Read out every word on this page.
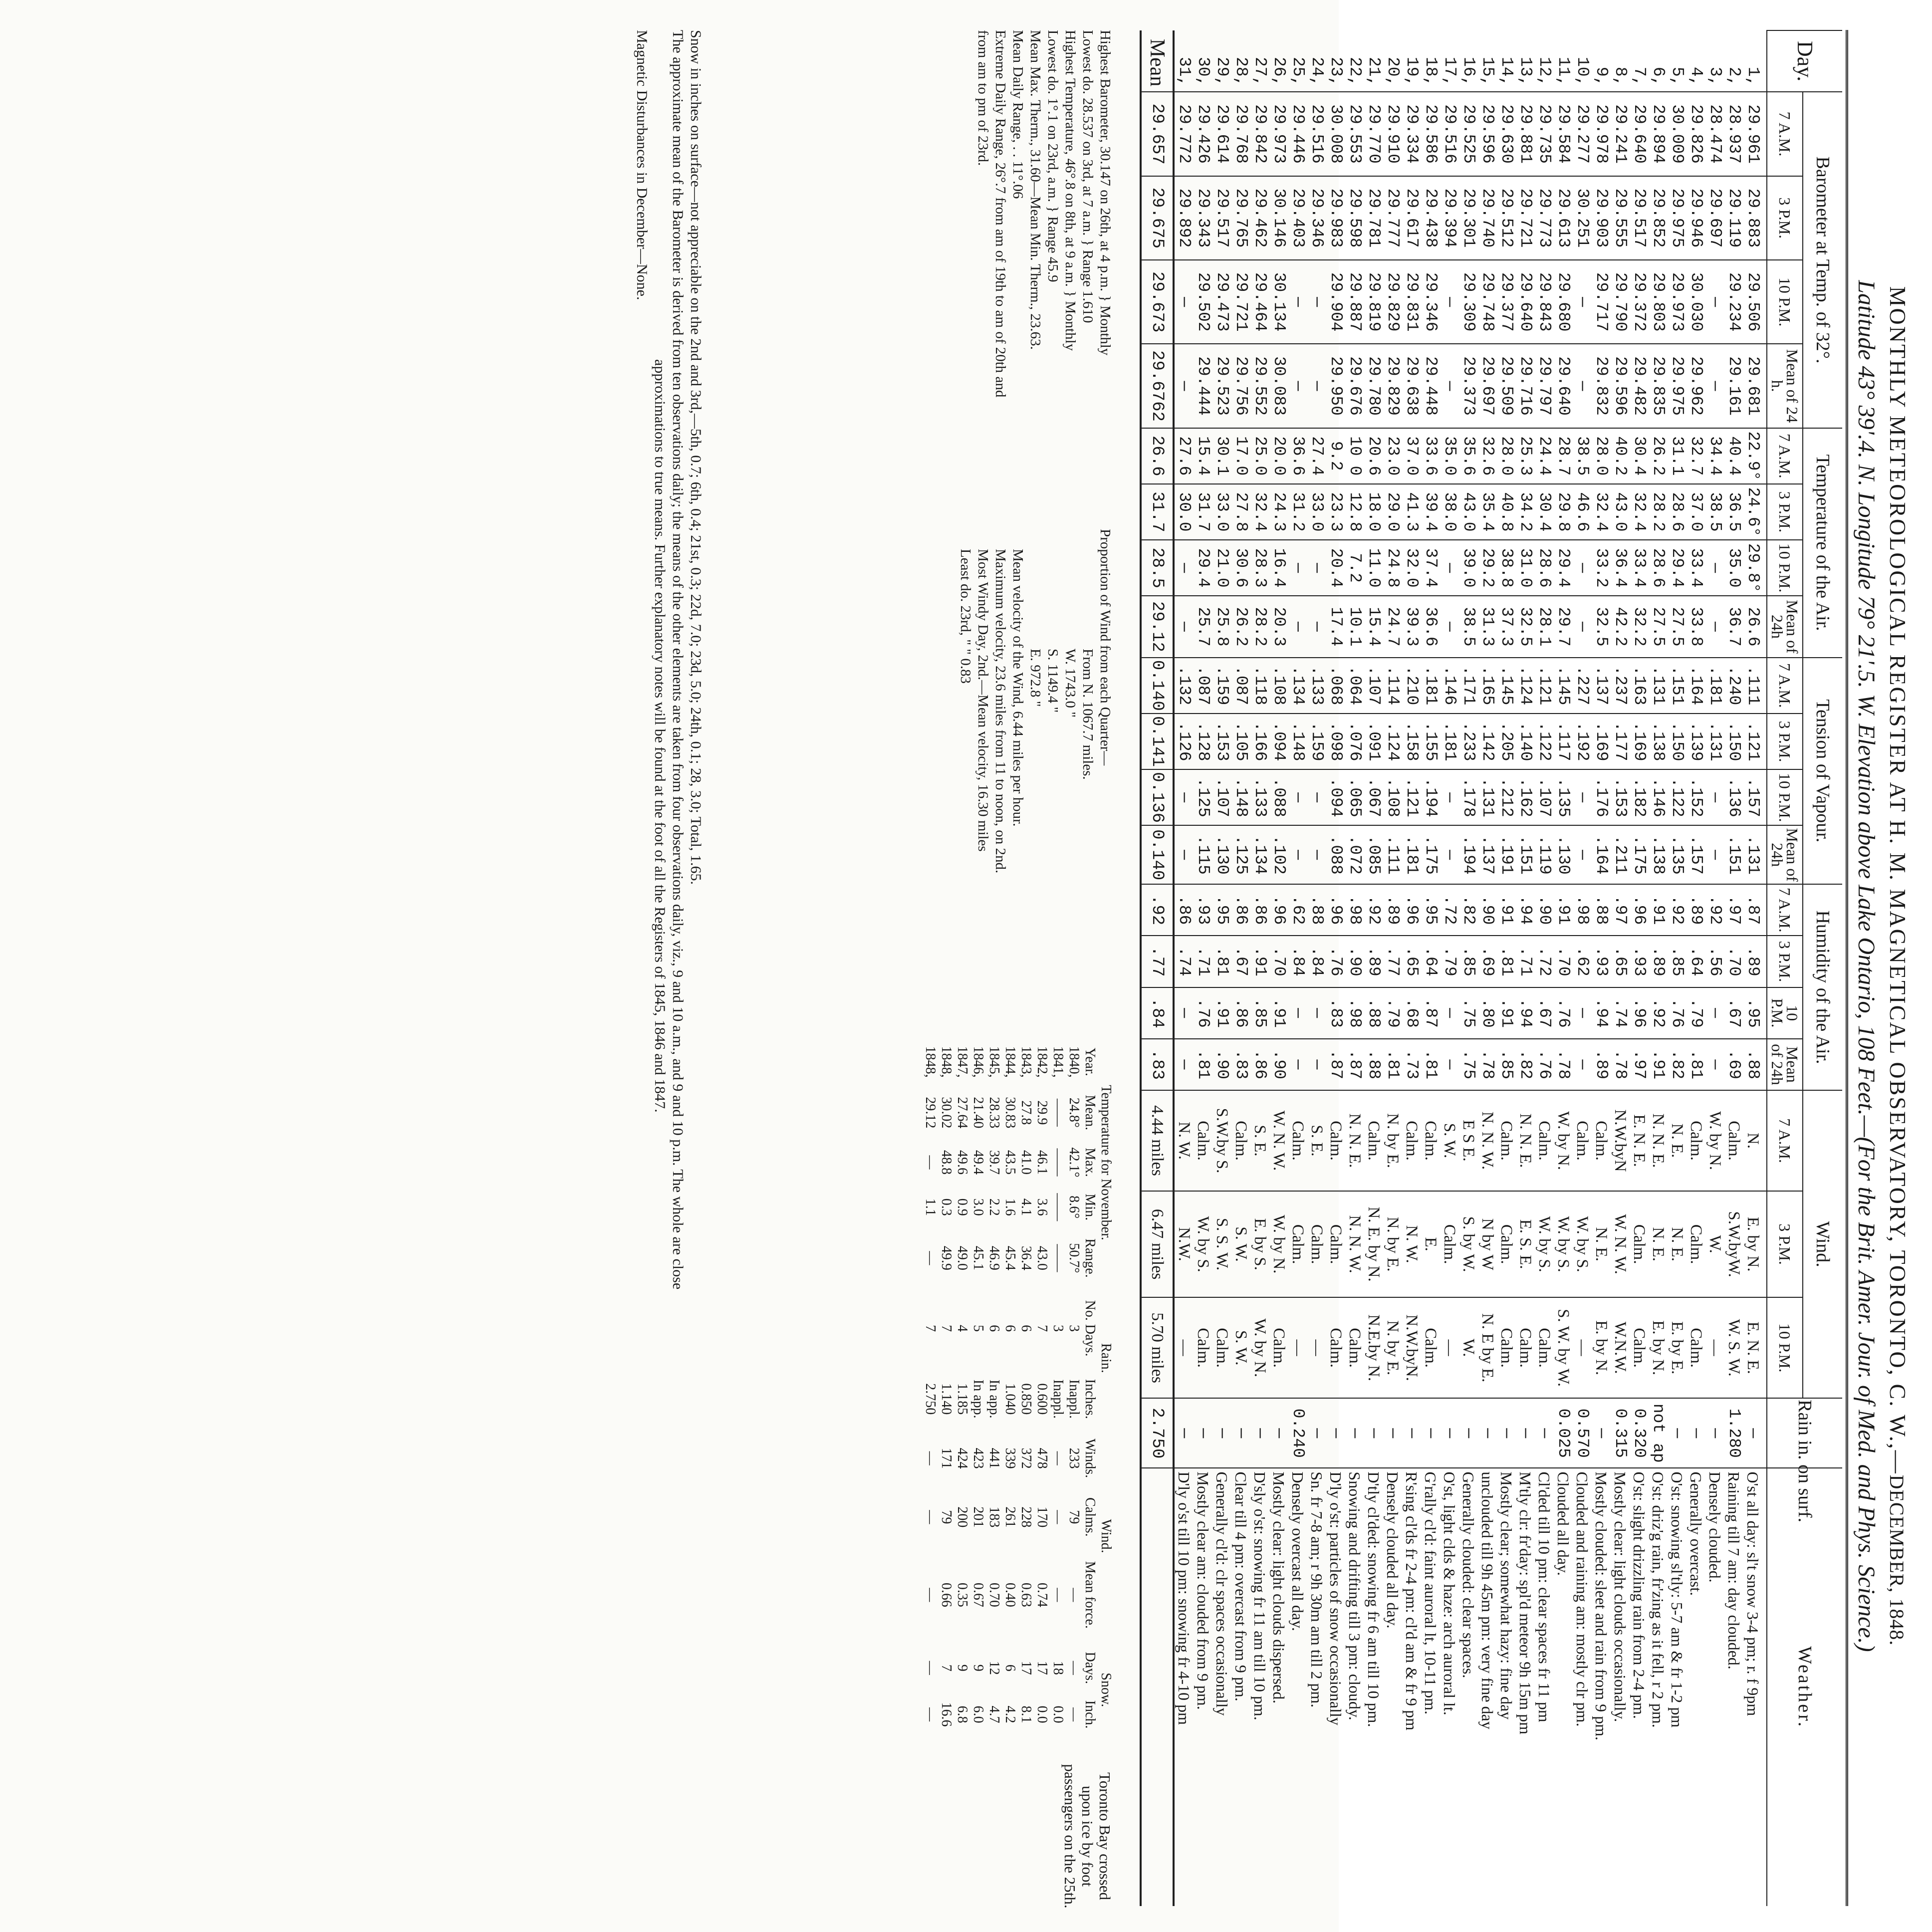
MONTHLY METEOROLOGICAL REGISTER AT H. M. MAGNETICAL OBSERVATORY, TORONTO, C. W.,—DECEMBER, 1848.
Latitude 43° 39'.4. N. Longitude 79° 21'.5. W. Elevation above Lake Ontario, 108 Feet.—(For the Brit. Amer. Jour. of Med. and Phys. Science.)
Day.	Barometer at Temp. of 32°.				Temperature of the Air.				Tension of Vapour.				Humidity of the Air.				Wind.			Rain in. on surf.	Weather.
	7 A.M.	3 P.M.	10 P.M.	Mean of 24 h.	7 A.M.	3 P.M.	10 P.M.	Mean of 24h	7 A.M.	3 P.M.	10 P.M.	Mean of 24h	7 A.M.	3 P.M.	10 P.M.	Mean of 24h	7 A.M.	3 P.M.	10 P.M.		
1,	29.961	29.883	29.506	29.681	22.9°	24.6°	29.8°	26.6	.111	.121	.157	.131	.87	.89	.95	.88	N.	E. by N.	E. N. E.	—	O'st all day: sl't snow 3-4 pm; r. f 9pm
2,	28.937	29.119	29.234	29.161	40.4	36.5	35.0	36.7	.240	.150	.136	.151	.97	.70	.67	.69	Calm.	S.W.byW.	W. S. W.	1.280	Raining till 7 am: day clouded.
3,	28.474	29.697	—	—	34.4	38.5	—	—	.181	.131	—	—	.92	.56	—	—	W. by N.	W.	—	—	Densely clouded.
4,	29.826	29.946	30.030	29.962	32.7	37.0	33.4	33.8	.164	.139	.152	.157	.89	.64	.79	.81	Calm.	Calm.	Calm.	—	Generally overcast.
5,	30.009	29.975	29.973	29.975	31.1	28.6	29.4	27.5	.151	.150	.122	.135	.92	.85	.76	.82	N. E.	N. E.	E. by E.	—	O'st: snowing sl'tly: 5-7 am & fr 1-2 pm
6,	29.894	29.852	29.803	29.835	26.2	28.2	28.6	27.5	.131	.138	.146	.138	.91	.89	.92	.91	N. N. E.	N. E.	E. by N.	not ap	O'st: driz'g rain, fr'zing as it fell, r 2 pm.
7,	29.640	29.517	29.372	29.482	30.4	32.4	33.4	32.2	.163	.169	.182	.175	.96	.93	.96	.97	E. N. E.	Calm.	Calm.	0.320	O'st: slight drizzling rain from 2-4 pm.
8,	29.241	29.555	29.790	29.596	40.2	43.0	36.4	42.2	.237	.177	.153	.211	.97	.65	.74	.78	N.W.byN	W. N. W.	W.N.W.	0.315	Mostly clear: light clouds occasionally.
9,	29.978	29.903	29.717	29.832	28.0	32.4	33.2	32.5	.137	.169	.176	.164	.88	.93	.94	.89	Calm.	N. E.	E. by N.	—	Mostly clouded: sleet and rain from 9 pm.
10,	29.277	30.251	—	—	38.5	46.6	—	—	.227	.192	—	—	.98	.62	—	—	Calm.	W. by S.	—	0.570	Clouded and raining am: mostly clr pm.
11,	29.584	29.613	29.680	29.640	28.7	29.8	29.4	29.7	.145	.117	.135	.130	.91	.70	.76	.78	W. by N.	W. by S.	S. W. by W.	0.025	Clouded all day.
12,	29.735	29.773	29.843	29.797	24.4	30.4	28.6	28.1	.121	.122	.107	.119	.90	.72	.67	.76	Calm.	W. by S.	Calm.	—	Cl'ded till 10 pm: clear spaces fr 11 pm
13,	29.881	29.721	29.640	29.716	25.3	34.2	31.0	32.5	.124	.140	.162	.151	.94	.71	.94	.82	N. N. E.	E. S. E.	Calm.	—	M'tly clr: fr'day: spl'd meteor 9h 15m pm
14,	29.630	29.512	29.377	29.509	28.0	40.8	38.8	37.3	.145	.205	.212	.191	.91	.81	.91	.85	Calm.	Calm.	Calm.	—	Mostly clear; somewhat hazy: fine day
15,	29.596	29.740	29.748	29.697	32.6	35.4	29.2	31.3	.165	.142	.131	.137	.90	.69	.80	.78	N. N. W.	N by W	N. E by E.	—	unclouded till 9h 45m pm: very fine day
16,	29.525	29.301	29.309	29.373	35.6	43.0	39.0	38.5	.171	.233	.178	.194	.82	.85	.75	.75	E S E.	S. by W.	W.	—	Generally clouded: clear spaces.
17,	29.516	29.394	—	—	35.0	38.0	—	—	.146	.181	—	—	.72	.79	—	—	S. W.	Calm.	—	—	O'st, light clds & haze: arch auroral lt.
18,	29.586	29.438	29.346	29.448	33.6	39.4	37.4	36.6	.181	.155	.194	.175	.95	.64	.87	.81	Calm.	E.	Calm.	—	G'rally cl'd: faint auroral lt, 10-11 pm.
19,	29.334	29.617	29.831	29.638	37.0	41.3	32.0	39.3	.210	.158	.121	.181	.96	.65	.68	.73	Calm.	N. W.	N.W.byN.	—	R'sing cl'ds fr 2-4 pm: cl'd am & fr 9 pm
20,	29.910	29.777	29.829	29.829	23.0	29.0	24.8	24.7	.114	.124	.108	.111	.89	.77	.79	.81	N. by E.	N. by E.	N. by E.	—	Densely clouded all day.
21,	29.770	29.781	29.819	29.780	20.6	18.0	11.0	15.4	.107	.091	.067	.085	.92	.89	.88	.88	Calm.	N. E. by N.	N.E.by N.	—	D'tly cl'ded: snowing fr 6 am till 10 pm.
22,	29.553	29.598	29.887	29.676	10 0	12.8	7.2	10.1	.064	.076	.065	.072	.98	.90	.98	.87	N. N. E.	N. N. W.	Calm.	—	Snowing and drifting till 3 pm: cloudy.
23,	30.008	29.983	29.904	29.950	9.2	23.3	20.4	17.4	.068	.098	.094	.088	.96	.76	.83	.87	Calm.	Calm.	Calm.	—	D'ly o'st: particles of snow occasionally
24,	29.516	29.346	—	—	27.4	33.0	—	—	.133	.159	—	—	.88	.84	—	—	S. E.	Calm.	—	—	Sn. fr 7-8 am; r 9h 30m am till 2 pm.
25,	29.446	29.403	—	—	36.6	31.2	—	—	.134	.148	—	—	.62	.84	—	—	Calm.	Calm.	—	0.240	Densely overcast all day.
26,	29.973	30.146	30.134	30.083	20.0	24.3	16.4	20.3	.108	.094	.088	.102	.96	.70	.91	.90	W. N. W.	W. by N.	Calm.	—	Mostly clear: light clouds dispersed.
27,	29.842	29.462	29.464	29.552	25.0	32.4	28.3	28.2	.118	.166	.133	.134	.86	.91	.85	.86	S. E.	E. by S.	W. by N.	—	D'sly o'st: snowing fr 11 am till 10 pm.
28,	29.768	29.765	29.721	29.756	17.0	27.8	30.6	26.2	.087	.105	.148	.125	.86	.67	.86	.83	Calm.	S. W.	S. W.	—	Clear till 4 pm: overcast from 9 pm.
29,	29.614	29.517	29.473	29.523	30.1	33.0	21.0	25.8	.159	.153	.107	.130	.95	.81	.91	.90	S.W.by S.	S. S. W.	Calm.	—	Generally cl'd: clr spaces occasionally
30,	29.426	29.343	29.502	29.444	15.4	31.7	29.4	25.7	.087	.128	.125	.115	.93	.71	.76	.81	Calm.	W. by S.	Calm.	—	Mostly clear am: clouded from 9 pm.
31,	29.772	29.892	—	—	27.6	30.0	—	—	.132	.126	—	—	.86	.74	—	—	N. W.	N.W.	—	—	D'ly o'st till 10 pm: snowing fr 4-10 pm
Mean	29.657	29.675	29.673	29.6762	26.6	31.7	28.5	29.12	0.140	0.141	0.136	0.140	.92	.77	.84	.83	4.44 miles	6.47 miles	5.70 miles	2.750	
Highest Barometer, 30.147 on 26th, at 4 p.m. } Monthly
Lowest do. 28.537 on 3rd, at 7 a.m. } Range 1.610
Highest Temperature, 46°.8 on 8th, at 9 a.m. } Monthly
Lowest do. 1°.1 on 23rd, a.m. } Range 45.9
Mean Max. Therm., 31.60—Mean Min. Therm., 23.63.
Mean Daily Range, . . 11°.06
Extreme Daily Range, 26°.7 from am of 19th to am of 20th and
from am to pm of 23rd.
Proportion of Wind from each Quarter—
From N. 1067.7 miles.
W. 1743.0 "
S. 1149.4 "
E. 972.8 "
Mean velocity of the Wind, 6.44 miles per hour.
Maximum velocity, 23.6 miles from 11 to noon, on 2nd.
Most Windy Day, 2nd.—Mean velocity, 16.30 miles
Least do. 23rd, " " 0.83
Temperature for November.					Rain.		Wind.			Snow.	
Year.	Mean.	Max.	Min.	Range.	No. Days.	Inches.	Winds.	Calms.	Mean force.	Days.	Inch.
1840,	24.8°	42.1°	8.6°	50.7°	3	Inappl.	233	79	—	—	—
1841,	——	——	——	——	3	Inappl.	—	—	—	18	0.0
1842,	29.9	46.1	3.6	43.0	7	0.600	478	170	0.74	17	0.0
1843,	27.8	41.0	4.1	36.4	6	0.850	372	228	0.63	17	8.1
1844,	30.83	43.5	1.6	45.4	6	1.040	339	261	0.40	6	4.2
1845,	28.33	39.7	2.2	46.9	6	In app.	441	183	0.70	12	4.7
1846,	21.40	49.4	3.0	45.1	5	In app.	423	201	0.67	9	6.0
1847,	27.64	49.6	0.9	49.0	4	1.185	424	200	0.35	9	6.8
1848,	30.02	48.8	0.3	49.9	7	1.140	171	79	0.66	7	16.6
1848,	29.12	—	1.1	—	7	2.750	—	—	—	—	—
Toronto Bay crossed upon ice by foot passengers on the 25th.
Snow in inches on surface—not appreciable on the 2nd and 3rd,—5th, 0.7; 6th, 0.4; 21st, 0.3; 22d, 7.0; 23d, 5.0; 24th, 0.1; 28, 3.0; Total, 1.65.
The approximate mean of the Barometer is derived from ten observations daily; the means of the other elements are taken from four observations daily, viz., 9 and 10 a.m., and 9 and 10 p.m. The whole are close
approximations to true means. Further explanatory notes will be found at the foot of all the Registers of 1845, 1846 and 1847.
Magnetic Disturbances in December—None.
